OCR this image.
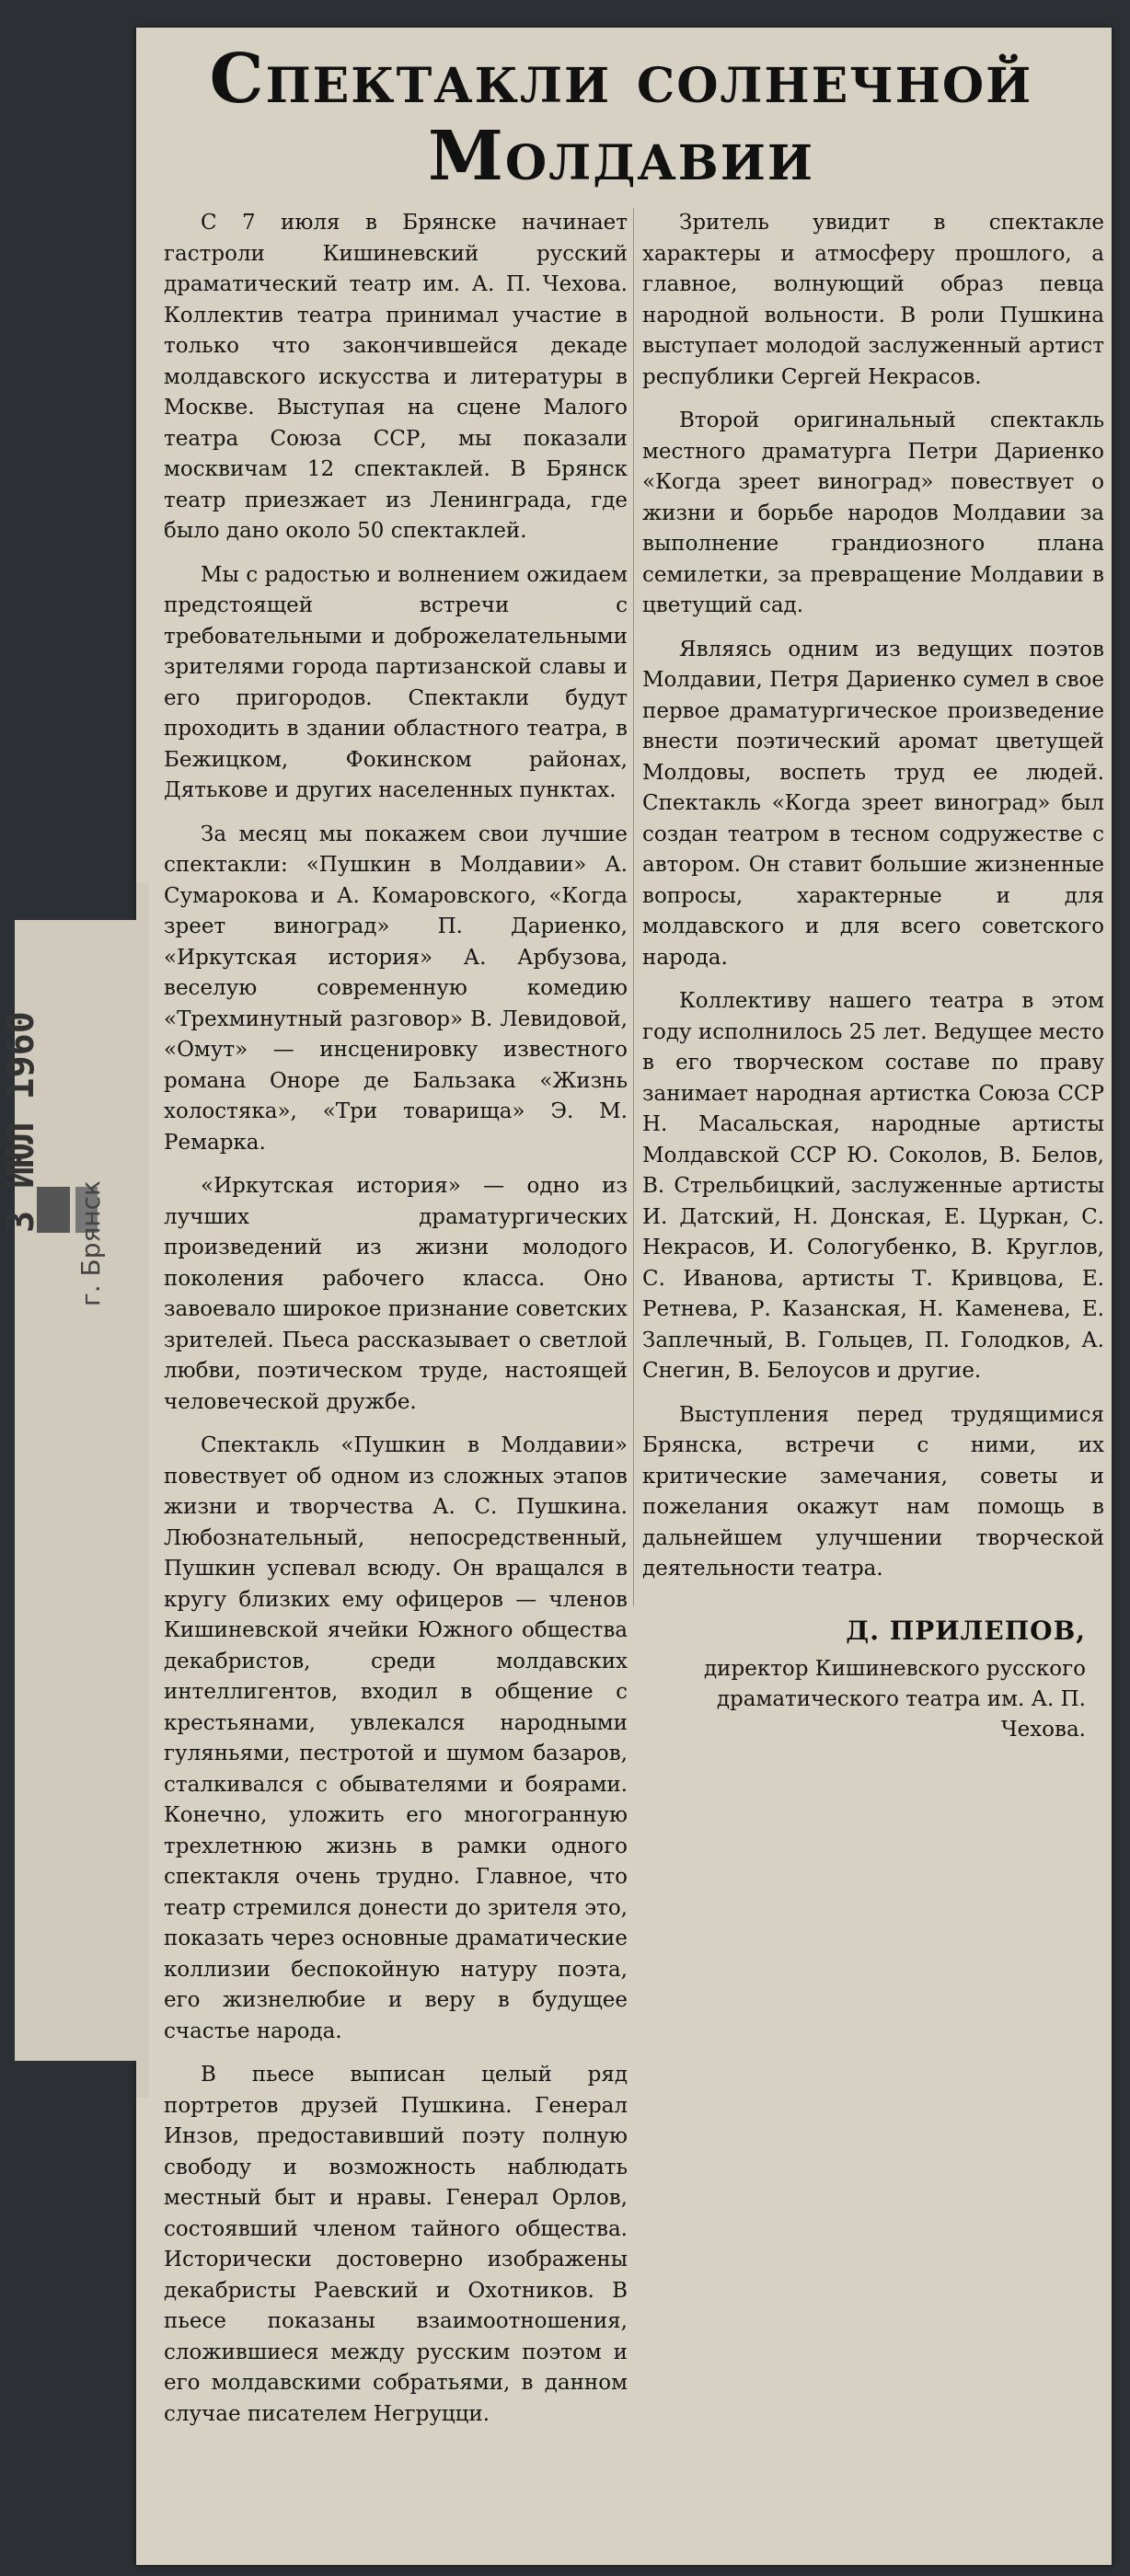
Спектакли солнечной Молдавии

С 7 июля в Брянске начинает гастроли Кишиневский русский драматический театр им. А. П. Чехова. Коллектив театра принимал участие в только что закончившейся декаде молдавского искусства и литературы в Москве. Выступая на сцене Малого театра Союза ССР, мы показали москвичам 12 спектаклей. В Брянск театр приезжает из Ленинграда, где было дано около 50 спектаклей.

Мы с радостью и волнением ожидаем предстоящей встречи с требовательными и доброжелательными зрителями города партизанской славы и его пригородов. Спектакли будут проходить в здании областного театра, в Бежицком, Фокинском районах, Дятькове и других населенных пунктах.

За месяц мы покажем свои лучшие спектакли: «Пушкин в Молдавии» А. Сумарокова и А. Комаровского, «Когда зреет виноград» П. Дариенко, «Иркутская история» А. Арбузова, веселую современную комедию «Трехминутный разговор» В. Левидовой, «Омут» — инсценировку известного романа Оноре де Бальзака «Жизнь холостяка», «Три товарища» Э. М. Ремарка.

«Иркутская история» — одно из лучших драматургических произведений из жизни молодого поколения рабочего класса. Оно завоевало широкое признание советских зрителей. Пьеса рассказывает о светлой любви, поэтическом труде, настоящей человеческой дружбе.

Спектакль «Пушкин в Молдавии» повествует об одном из сложных этапов жизни и творчества А. С. Пушкина. Любознательный, непосредственный, Пушкин успевал всюду. Он вращался в кругу близких ему офицеров — членов Кишиневской ячейки Южного общества декабристов, среди молдавских интеллигентов, входил в общение с крестьянами, увлекался народными гуляньями, пестротой и шумом базаров, сталкивался с обывателями и боярами. Конечно, уложить его многогранную трехлетнюю жизнь в рамки одного спектакля очень трудно. Главное, что театр стремился донести до зрителя это, показать через основные драматические коллизии беспокойную натуру поэта, его жизнелюбие и веру в будущее счастье народа.

В пьесе выписан целый ряд портретов друзей Пушкина. Генерал Инзов, предоставивший поэту полную свободу и возможность наблюдать местный быт и нравы. Генерал Орлов, состоявший членом тайного общества. Исторически достоверно изображены декабристы Раевский и Охотников. В пьесе показаны взаимоотношения, сложившиеся между русским поэтом и его молдавскими собратьями, в данном случае писателем Негруцци.

Зритель увидит в спектакле характеры и атмосферу прошлого, а главное, волнующий образ певца народной вольности. В роли Пушкина выступает молодой заслуженный артист республики Сергей Некрасов.

Второй оригинальный спектакль местного драматурга Петри Дариенко «Когда зреет виноград» повествует о жизни и борьбе народов Молдавии за выполнение грандиозного плана семилетки, за превращение Молдавии в цветущий сад.

Являясь одним из ведущих поэтов Молдавии, Петря Дариенко сумел в свое первое драматургическое произведение внести поэтический аромат цветущей Молдовы, воспеть труд ее людей. Спектакль «Когда зреет виноград» был создан театром в тесном содружестве с автором. Он ставит большие жизненные вопросы, характерные и для молдавского и для всего советского народа.

Коллективу нашего театра в этом году исполнилось 25 лет. Ведущее место в его творческом составе по праву занимает народная артистка Союза ССР Н. Масальская, народные артисты Молдавской ССР Ю. Соколов, В. Белов, В. Стрельбицкий, заслуженные артисты И. Датский, Н. Донская, Е. Цуркан, С. Некрасов, И. Сологубенко, В. Круглов, С. Иванова, артисты Т. Кривцова, Е. Ретнева, Р. Казанская, Н. Каменева, Е. Заплечный, В. Гольцев, П. Голодков, А. Снегин, В. Белоусов и другие.

Выступления перед трудящимися Брянска, встречи с ними, их критические замечания, советы и пожелания окажут нам помощь в дальнейшем улучшении творческой деятельности театра.

Д. ПРИЛЕПОВ,
директор Кишиневского русского драматического театра им. А. П. Чехова.
3 ИЮЛ 1960
г. Брянск
